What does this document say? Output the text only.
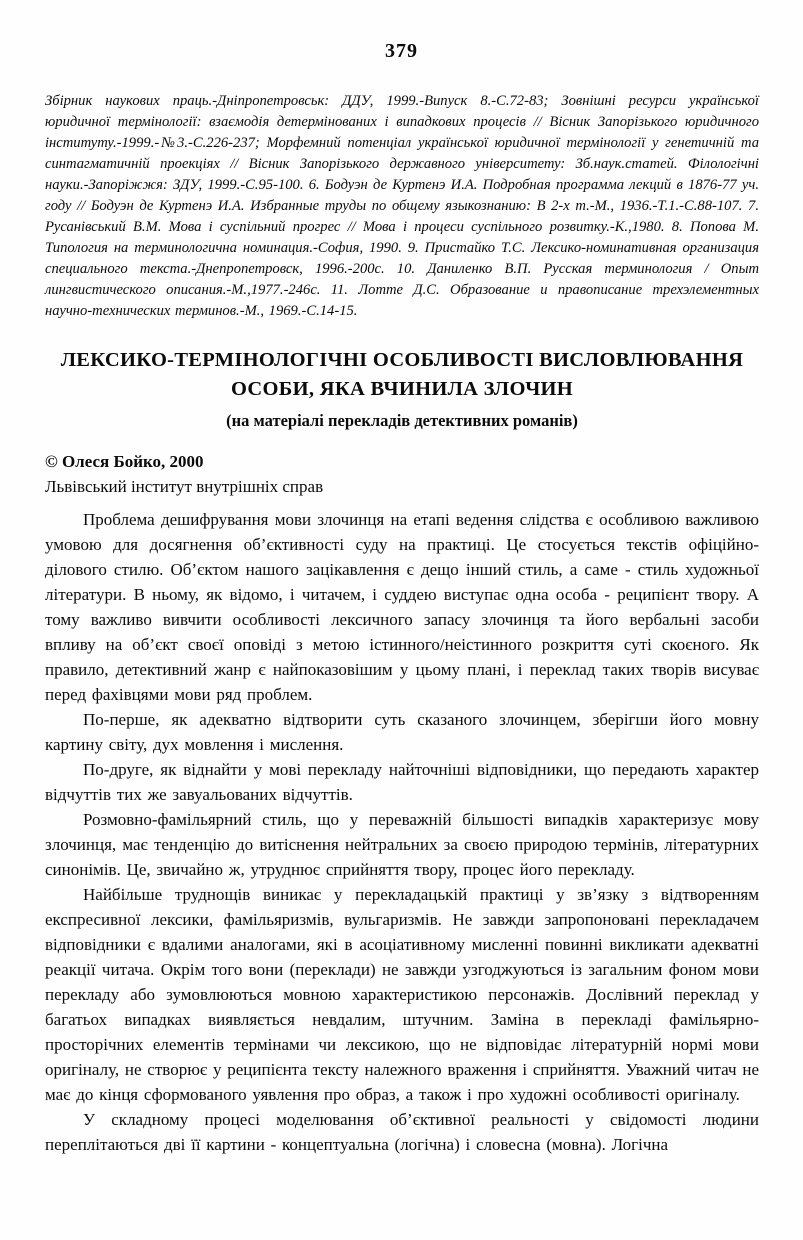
379
Збірник наукових праць.-Дніпропетровськ: ДДУ, 1999.-Випуск 8.-С.72-83; Зовнішні ресурси української юридичної термінології: взаємодія детермінованих і випадкових процесів // Вісник Запорізького юридичного інституту.-1999.-№3.-С.226-237; Морфемний потенціал української юридичної термінології у генетичній та синтагматичній проекціях // Вісник Запорізького державного університету: Зб.наук.статей. Філологічні науки.-Запоріжжя: ЗДУ, 1999.-С.95-100. 6. Бодуэн де Куртенэ И.А. Подробная программа лекций в 1876-77 уч. году // Бодуэн де Куртенэ И.А. Избранные труды по общему языкознанию: В 2-х т.-М., 1936.-Т.1.-С.88-107. 7. Русанівський В.М. Мова і суспільний прогрес // Мова і процеси суспільного розвитку.-К.,1980. 8. Попова М. Типология на терминологична номинация.-София, 1990. 9. Пристайко Т.С. Лексико-номинативная организация специального текста.-Днепропетровск, 1996.-200с. 10. Даниленко В.П. Русская терминология / Опыт лингвистического описания.-М.,1977.-246с. 11. Лотте Д.С. Образование и правописание трехэлементных научно-технических терминов.-М., 1969.-С.14-15.
ЛЕКСИКО-ТЕРМІНОЛОГІЧНІ ОСОБЛИВОСТІ ВИСЛОВЛЮВАННЯ
ОСОБИ, ЯКА ВЧИНИЛА ЗЛОЧИН
(на матеріалі перекладів детективних романів)
© Олеся Бойко, 2000
Львівський інститут внутрішніх справ

Проблема дешифрування мови злочинця на етапі ведення слідства є особливою важливою умовою для досягнення об’єктивності суду на практиці. Це стосується текстів офіційно-ділового стилю. Об’єктом нашого зацікавлення є дещо інший стиль, а саме - стиль художньої літератури. В ньому, як відомо, і читачем, і суддею виступає одна особа - реципієнт твору. А тому важливо вивчити особливості лексичного запасу злочинця та його вербальні засоби впливу на об’єкт своєї оповіді з метою істинного/неістинного розкриття суті скоєного. Як правило, детективний жанр є найпоказовішим у цьому плані, і переклад таких творів висуває перед фахівцями мови ряд проблем.

По-перше, як адекватно відтворити суть сказаного злочинцем, зберігши його мовну картину світу, дух мовлення і мислення.

По-друге, як віднайти у мові перекладу найточніші відповідники, що передають характер відчуттів тих же завуальованих відчуттів.

Розмовно-фамільярний стиль, що у переважній більшості випадків характеризує мову злочинця, має тенденцію до витіснення нейтральних за своєю природою термінів, літературних синонімів. Це, звичайно ж, утруднює сприйняття твору, процес його перекладу.

Найбільше труднощів виникає у перекладацькій практиці у зв’язку з відтворенням експресивної лексики, фамільяризмів, вульгаризмів. Не завжди запропоновані перекладачем відповідники є вдалими аналогами, які в асоціативному мисленні повинні викликати адекватні реакції читача. Окрім того вони (переклади) не завжди узгоджуються із загальним фоном мови перекладу або зумовлюються мовною характеристикою персонажів. Дослівний переклад у багатьох випадках виявляється невдалим, штучним. Заміна в перекладі фамільярно-просторічних елементів термінами чи лексикою, що не відповідає літературній нормі мови оригіналу, не створює у реципієнта тексту належного враження і сприйняття. Уважний читач не має до кінця сформованого уявлення про образ, а також і про художні особливості оригіналу.

У складному процесі моделювання об’єктивної реальності у свідомості людини переплітаються дві її картини - концептуальна (логічна) і словесна (мовна). Логічна
